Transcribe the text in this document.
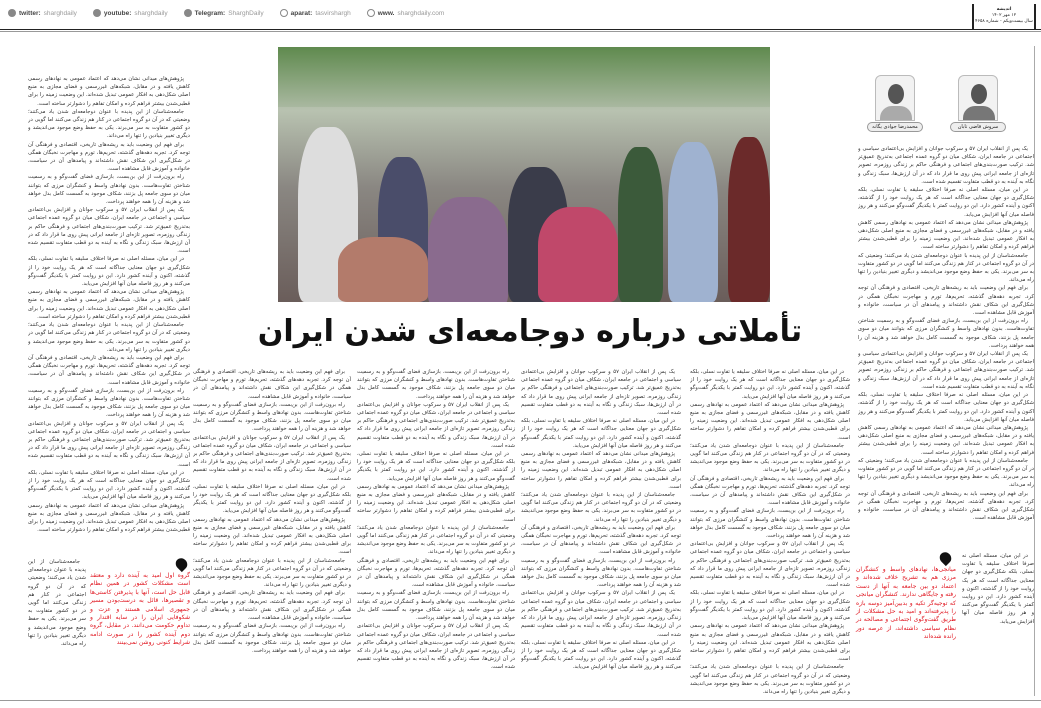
twitter: sharghdaily	youtube: sharghdaily	Telegram: SharghDaily	aparat: tasvirshargh	www. sharghdaily.com	اندیشه
۱۲ مهر ۱۴۰۲
سال بیست‌ویکم - شماره ۴۶۵۸
سروش قاضی تابان
محمدرضا جوادی یگانه
تأملاتی درباره دوجامعه‌ای شدن ایران

یک پس از انقلاب ایران ۵۷ و سرکوب جوانان و افزایش بی‌اعتمادی سیاسی و اجتماعی در جامعه ایران، شکاف میان دو گروه عمده اجتماعی به‌تدریج عمیق‌تر شد. ترکیب صورت‌بندی‌های اجتماعی و فرهنگی حاکم بر زندگی روزمره، تصویر تازه‌ای از جامعه ایرانی پیش روی ما قرار داد که در آن ارزش‌ها، سبک زندگی و نگاه به آینده به دو قطب متفاوت تقسیم شده است.

در این میان، مسئله اصلی نه صرفا اختلاف سلیقه یا تفاوت نسلی، بلکه شکل‌گیری دو جهان معنایی جداگانه است که هر یک روایت خود را از گذشته، اکنون و آینده کشور دارد. این دو روایت کمتر با یکدیگر گفت‌وگو می‌کنند و هر روز فاصله میان آنها افزایش می‌یابد.

پژوهش‌های میدانی نشان می‌دهد که اعتماد عمومی به نهادهای رسمی کاهش یافته و در مقابل، شبکه‌های غیررسمی و فضای مجازی به منبع اصلی شکل‌دهی به افکار عمومی تبدیل شده‌اند. این وضعیت زمینه را برای قطبی‌شدن بیشتر فراهم کرده و امکان تفاهم را دشوارتر ساخته است.

جامعه‌شناسان از این پدیده با عنوان دوجامعه‌ای شدن یاد می‌کنند؛ وضعیتی که در آن دو گروه اجتماعی در کنار هم زندگی می‌کنند اما گویی در دو کشور متفاوت به سر می‌برند. یکی به حفظ وضع موجود می‌اندیشد و دیگری تغییر بنیادین را تنها راه می‌داند.

برای فهم این وضعیت باید به ریشه‌های تاریخی، اقتصادی و فرهنگی آن توجه کرد. تجربه دهه‌های گذشته، تحریم‌ها، تورم و مهاجرت نخبگان همگی در شکل‌گیری این شکاف نقش داشته‌اند و پیامدهای آن در سیاست، خانواده و آموزش قابل مشاهده است.

راه برون‌رفت از این بن‌بست، بازسازی فضای گفت‌وگو و به رسمیت شناختن تفاوت‌هاست. بدون نهادهای واسط و کنشگران مرزی که بتوانند میان دو سوی جامعه پل بزنند، شکاف موجود به گسست کامل بدل خواهد شد و هزینه آن را همه خواهند پرداخت.

یک پس از انقلاب ایران ۵۷ و سرکوب جوانان و افزایش بی‌اعتمادی سیاسی و اجتماعی در جامعه ایران، شکاف میان دو گروه عمده اجتماعی به‌تدریج عمیق‌تر شد. ترکیب صورت‌بندی‌های اجتماعی و فرهنگی حاکم بر زندگی روزمره، تصویر تازه‌ای از جامعه ایرانی پیش روی ما قرار داد که در آن ارزش‌ها، سبک زندگی و نگاه به آینده به دو قطب متفاوت تقسیم شده است.

در این میان، مسئله اصلی نه صرفا اختلاف سلیقه یا تفاوت نسلی، بلکه شکل‌گیری دو جهان معنایی جداگانه است که هر یک روایت خود را از گذشته، اکنون و آینده کشور دارد. این دو روایت کمتر با یکدیگر گفت‌وگو می‌کنند و هر روز فاصله میان آنها افزایش می‌یابد.

پژوهش‌های میدانی نشان می‌دهد که اعتماد عمومی به نهادهای رسمی کاهش یافته و در مقابل، شبکه‌های غیررسمی و فضای مجازی به منبع اصلی شکل‌دهی به افکار عمومی تبدیل شده‌اند. این وضعیت زمینه را برای قطبی‌شدن بیشتر فراهم کرده و امکان تفاهم را دشوارتر ساخته است.

جامعه‌شناسان از این پدیده با عنوان دوجامعه‌ای شدن یاد می‌کنند؛ وضعیتی که در آن دو گروه اجتماعی در کنار هم زندگی می‌کنند اما گویی در دو کشور متفاوت به سر می‌برند. یکی به حفظ وضع موجود می‌اندیشد و دیگری تغییر بنیادین را تنها راه می‌داند.

برای فهم این وضعیت باید به ریشه‌های تاریخی، اقتصادی و فرهنگی آن توجه کرد. تجربه دهه‌های گذشته، تحریم‌ها، تورم و مهاجرت نخبگان همگی در شکل‌گیری این شکاف نقش داشته‌اند و پیامدهای آن در سیاست، خانواده و آموزش قابل مشاهده است.

در این میان، مسئله اصلی نه صرفا اختلاف سلیقه یا تفاوت نسلی، بلکه شکل‌گیری دو جهان معنایی جداگانه است که هر یک روایت خود را از گذشته، اکنون و آینده کشور دارد. این دو روایت کمتر با یکدیگر گفت‌وگو می‌کنند و هر روز فاصله میان آنها افزایش می‌یابد.

پژوهش‌های میدانی نشان می‌دهد که اعتماد عمومی به نهادهای رسمی کاهش یافته و در مقابل، شبکه‌های غیررسمی و فضای مجازی به منبع اصلی شکل‌دهی به افکار عمومی تبدیل شده‌اند. این وضعیت زمینه را برای قطبی‌شدن بیشتر فراهم کرده و امکان تفاهم را دشوارتر ساخته است.

جامعه‌شناسان از این پدیده با عنوان دوجامعه‌ای شدن یاد می‌کنند؛ وضعیتی که در آن دو گروه اجتماعی در کنار هم زندگی می‌کنند اما گویی در دو کشور متفاوت به سر می‌برند. یکی به حفظ وضع موجود می‌اندیشد و دیگری تغییر بنیادین را تنها راه می‌داند.

برای فهم این وضعیت باید به ریشه‌های تاریخی، اقتصادی و فرهنگی آن توجه کرد. تجربه دهه‌های گذشته، تحریم‌ها، تورم و مهاجرت نخبگان همگی در شکل‌گیری این شکاف نقش داشته‌اند و پیامدهای آن در سیاست، خانواده و آموزش قابل مشاهده است.

راه برون‌رفت از این بن‌بست، بازسازی فضای گفت‌وگو و به رسمیت شناختن تفاوت‌هاست. بدون نهادهای واسط و کنشگران مرزی که بتوانند میان دو سوی جامعه پل بزنند، شکاف موجود به گسست کامل بدل خواهد شد و هزینه آن را همه خواهند پرداخت.

یک پس از انقلاب ایران ۵۷ و سرکوب جوانان و افزایش بی‌اعتمادی سیاسی و اجتماعی در جامعه ایران، شکاف میان دو گروه عمده اجتماعی به‌تدریج عمیق‌تر شد. ترکیب صورت‌بندی‌های اجتماعی و فرهنگی حاکم بر زندگی روزمره، تصویر تازه‌ای از جامعه ایرانی پیش روی ما قرار داد که در آن ارزش‌ها، سبک زندگی و نگاه به آینده به دو قطب متفاوت تقسیم شده است.

در این میان، مسئله اصلی نه صرفا اختلاف سلیقه یا تفاوت نسلی، بلکه شکل‌گیری دو جهان معنایی جداگانه است که هر یک روایت خود را از گذشته، اکنون و آینده کشور دارد. این دو روایت کمتر با یکدیگر گفت‌وگو می‌کنند و هر روز فاصله میان آنها افزایش می‌یابد.

پژوهش‌های میدانی نشان می‌دهد که اعتماد عمومی به نهادهای رسمی کاهش یافته و در مقابل، شبکه‌های غیررسمی و فضای مجازی به منبع اصلی شکل‌دهی به افکار عمومی تبدیل شده‌اند. این وضعیت زمینه را برای قطبی‌شدن بیشتر فراهم کرده و امکان تفاهم را دشوارتر ساخته است.

جامعه‌شناسان از این پدیده با عنوان دوجامعه‌ای شدن یاد می‌کنند؛ وضعیتی که در آن دو گروه اجتماعی در کنار هم زندگی می‌کنند اما گویی در دو کشور متفاوت به سر می‌برند. یکی به حفظ وضع موجود می‌اندیشد و دیگری تغییر بنیادین را تنها راه می‌داند.

برای فهم این وضعیت باید به ریشه‌های تاریخی، اقتصادی و فرهنگی آن توجه کرد. تجربه دهه‌های گذشته، تحریم‌ها، تورم و مهاجرت نخبگان همگی در شکل‌گیری این شکاف نقش داشته‌اند و پیامدهای آن در سیاست، خانواده و آموزش قابل مشاهده است.

راه برون‌رفت از این بن‌بست، بازسازی فضای گفت‌وگو و به رسمیت شناختن تفاوت‌هاست. بدون نهادهای واسط و کنشگران مرزی که بتوانند میان دو سوی جامعه پل بزنند، شکاف موجود به گسست کامل بدل خواهد شد و هزینه آن را همه خواهند پرداخت.

یک پس از انقلاب ایران ۵۷ و سرکوب جوانان و افزایش بی‌اعتمادی سیاسی و اجتماعی در جامعه ایران، شکاف میان دو گروه عمده اجتماعی به‌تدریج عمیق‌تر شد. ترکیب صورت‌بندی‌های اجتماعی و فرهنگی حاکم بر زندگی روزمره، تصویر تازه‌ای از جامعه ایرانی پیش روی ما قرار داد که در آن ارزش‌ها، سبک زندگی و نگاه به آینده به دو قطب متفاوت تقسیم شده است.

در این میان، مسئله اصلی نه صرفا اختلاف سلیقه یا تفاوت نسلی، بلکه شکل‌گیری دو جهان معنایی جداگانه است که هر یک روایت خود را از گذشته، اکنون و آینده کشور دارد. این دو روایت کمتر با یکدیگر گفت‌وگو می‌کنند و هر روز فاصله میان آنها افزایش می‌یابد.

پژوهش‌های میدانی نشان می‌دهد که اعتماد عمومی به نهادهای رسمی کاهش یافته و در مقابل، شبکه‌های غیررسمی و فضای مجازی به منبع اصلی شکل‌دهی به افکار عمومی تبدیل شده‌اند. این وضعیت زمینه را برای قطبی‌شدن بیشتر فراهم کرده و امکان تفاهم را دشوارتر ساخته است.

جامعه‌شناسان از این پدیده با عنوان دوجامعه‌ای شدن یاد می‌کنند؛ وضعیتی که در آن دو گروه اجتماعی در کنار هم زندگی می‌کنند اما گویی در دو کشور متفاوت به سر می‌برند. یکی به حفظ وضع موجود می‌اندیشد و دیگری تغییر بنیادین را تنها راه می‌داند.

برای فهم این وضعیت باید به ریشه‌های تاریخی، اقتصادی و فرهنگی آن توجه کرد. تجربه دهه‌های گذشته، تحریم‌ها، تورم و مهاجرت نخبگان همگی در شکل‌گیری این شکاف نقش داشته‌اند و پیامدهای آن در سیاست، خانواده و آموزش قابل مشاهده است.

راه برون‌رفت از این بن‌بست، بازسازی فضای گفت‌وگو و به رسمیت شناختن تفاوت‌هاست. بدون نهادهای واسط و کنشگران مرزی که بتوانند میان دو سوی جامعه پل بزنند، شکاف موجود به گسست کامل بدل خواهد شد و هزینه آن را همه خواهند پرداخت.

یک پس از انقلاب ایران ۵۷ و سرکوب جوانان و افزایش بی‌اعتمادی سیاسی و اجتماعی در جامعه ایران، شکاف میان دو گروه عمده اجتماعی به‌تدریج عمیق‌تر شد. ترکیب صورت‌بندی‌های اجتماعی و فرهنگی حاکم بر زندگی روزمره، تصویر تازه‌ای از جامعه ایرانی پیش روی ما قرار داد که در آن ارزش‌ها، سبک زندگی و نگاه به آینده به دو قطب متفاوت تقسیم شده است.

در این میان، مسئله اصلی نه صرفا اختلاف سلیقه یا تفاوت نسلی، بلکه شکل‌گیری دو جهان معنایی جداگانه است که هر یک روایت خود را از گذشته، اکنون و آینده کشور دارد. این دو روایت کمتر با یکدیگر گفت‌وگو می‌کنند و هر روز فاصله میان آنها افزایش می‌یابد.

پژوهش‌های میدانی نشان می‌دهد که اعتماد عمومی به نهادهای رسمی کاهش یافته و در مقابل، شبکه‌های غیررسمی و فضای مجازی به منبع اصلی شکل‌دهی به افکار عمومی تبدیل شده‌اند. این وضعیت زمینه را برای قطبی‌شدن بیشتر فراهم کرده و امکان تفاهم را دشوارتر ساخته است.

جامعه‌شناسان از این پدیده با عنوان دوجامعه‌ای شدن یاد می‌کنند؛ وضعیتی که در آن دو گروه اجتماعی در کنار هم زندگی می‌کنند اما گویی در دو کشور متفاوت به سر می‌برند. یکی به حفظ وضع موجود می‌اندیشد و دیگری تغییر بنیادین را تنها راه می‌داند.

برای فهم این وضعیت باید به ریشه‌های تاریخی، اقتصادی و فرهنگی آن توجه کرد. تجربه دهه‌های گذشته، تحریم‌ها، تورم و مهاجرت نخبگان همگی در شکل‌گیری این شکاف نقش داشته‌اند و پیامدهای آن در سیاست، خانواده و آموزش قابل مشاهده است.

راه برون‌رفت از این بن‌بست، بازسازی فضای گفت‌وگو و به رسمیت شناختن تفاوت‌هاست. بدون نهادهای واسط و کنشگران مرزی که بتوانند میان دو سوی جامعه پل بزنند، شکاف موجود به گسست کامل بدل خواهد شد و هزینه آن را همه خواهند پرداخت.

راه برون‌رفت از این بن‌بست، بازسازی فضای گفت‌وگو و به رسمیت شناختن تفاوت‌هاست. بدون نهادهای واسط و کنشگران مرزی که بتوانند میان دو سوی جامعه پل بزنند، شکاف موجود به گسست کامل بدل خواهد شد و هزینه آن را همه خواهند پرداخت.

یک پس از انقلاب ایران ۵۷ و سرکوب جوانان و افزایش بی‌اعتمادی سیاسی و اجتماعی در جامعه ایران، شکاف میان دو گروه عمده اجتماعی به‌تدریج عمیق‌تر شد. ترکیب صورت‌بندی‌های اجتماعی و فرهنگی حاکم بر زندگی روزمره، تصویر تازه‌ای از جامعه ایرانی پیش روی ما قرار داد که در آن ارزش‌ها، سبک زندگی و نگاه به آینده به دو قطب متفاوت تقسیم شده است.

در این میان، مسئله اصلی نه صرفا اختلاف سلیقه یا تفاوت نسلی، بلکه شکل‌گیری دو جهان معنایی جداگانه است که هر یک روایت خود را از گذشته، اکنون و آینده کشور دارد. این دو روایت کمتر با یکدیگر گفت‌وگو می‌کنند و هر روز فاصله میان آنها افزایش می‌یابد.

پژوهش‌های میدانی نشان می‌دهد که اعتماد عمومی به نهادهای رسمی کاهش یافته و در مقابل، شبکه‌های غیررسمی و فضای مجازی به منبع اصلی شکل‌دهی به افکار عمومی تبدیل شده‌اند. این وضعیت زمینه را برای قطبی‌شدن بیشتر فراهم کرده و امکان تفاهم را دشوارتر ساخته است.

جامعه‌شناسان از این پدیده با عنوان دوجامعه‌ای شدن یاد می‌کنند؛ وضعیتی که در آن دو گروه اجتماعی در کنار هم زندگی می‌کنند اما گویی در دو کشور متفاوت به سر می‌برند. یکی به حفظ وضع موجود می‌اندیشد و دیگری تغییر بنیادین را تنها راه می‌داند.

برای فهم این وضعیت باید به ریشه‌های تاریخی، اقتصادی و فرهنگی آن توجه کرد. تجربه دهه‌های گذشته، تحریم‌ها، تورم و مهاجرت نخبگان همگی در شکل‌گیری این شکاف نقش داشته‌اند و پیامدهای آن در سیاست، خانواده و آموزش قابل مشاهده است.

راه برون‌رفت از این بن‌بست، بازسازی فضای گفت‌وگو و به رسمیت شناختن تفاوت‌هاست. بدون نهادهای واسط و کنشگران مرزی که بتوانند میان دو سوی جامعه پل بزنند، شکاف موجود به گسست کامل بدل خواهد شد و هزینه آن را همه خواهند پرداخت.

یک پس از انقلاب ایران ۵۷ و سرکوب جوانان و افزایش بی‌اعتمادی سیاسی و اجتماعی در جامعه ایران، شکاف میان دو گروه عمده اجتماعی به‌تدریج عمیق‌تر شد. ترکیب صورت‌بندی‌های اجتماعی و فرهنگی حاکم بر زندگی روزمره، تصویر تازه‌ای از جامعه ایرانی پیش روی ما قرار داد که در آن ارزش‌ها، سبک زندگی و نگاه به آینده به دو قطب متفاوت تقسیم شده است.

یک پس از انقلاب ایران ۵۷ و سرکوب جوانان و افزایش بی‌اعتمادی سیاسی و اجتماعی در جامعه ایران، شکاف میان دو گروه عمده اجتماعی به‌تدریج عمیق‌تر شد. ترکیب صورت‌بندی‌های اجتماعی و فرهنگی حاکم بر زندگی روزمره، تصویر تازه‌ای از جامعه ایرانی پیش روی ما قرار داد که در آن ارزش‌ها، سبک زندگی و نگاه به آینده به دو قطب متفاوت تقسیم شده است.

در این میان، مسئله اصلی نه صرفا اختلاف سلیقه یا تفاوت نسلی، بلکه شکل‌گیری دو جهان معنایی جداگانه است که هر یک روایت خود را از گذشته، اکنون و آینده کشور دارد. این دو روایت کمتر با یکدیگر گفت‌وگو می‌کنند و هر روز فاصله میان آنها افزایش می‌یابد.

پژوهش‌های میدانی نشان می‌دهد که اعتماد عمومی به نهادهای رسمی کاهش یافته و در مقابل، شبکه‌های غیررسمی و فضای مجازی به منبع اصلی شکل‌دهی به افکار عمومی تبدیل شده‌اند. این وضعیت زمینه را برای قطبی‌شدن بیشتر فراهم کرده و امکان تفاهم را دشوارتر ساخته است.

جامعه‌شناسان از این پدیده با عنوان دوجامعه‌ای شدن یاد می‌کنند؛ وضعیتی که در آن دو گروه اجتماعی در کنار هم زندگی می‌کنند اما گویی در دو کشور متفاوت به سر می‌برند. یکی به حفظ وضع موجود می‌اندیشد و دیگری تغییر بنیادین را تنها راه می‌داند.

برای فهم این وضعیت باید به ریشه‌های تاریخی، اقتصادی و فرهنگی آن توجه کرد. تجربه دهه‌های گذشته، تحریم‌ها، تورم و مهاجرت نخبگان همگی در شکل‌گیری این شکاف نقش داشته‌اند و پیامدهای آن در سیاست، خانواده و آموزش قابل مشاهده است.

راه برون‌رفت از این بن‌بست، بازسازی فضای گفت‌وگو و به رسمیت شناختن تفاوت‌هاست. بدون نهادهای واسط و کنشگران مرزی که بتوانند میان دو سوی جامعه پل بزنند، شکاف موجود به گسست کامل بدل خواهد شد و هزینه آن را همه خواهند پرداخت.

یک پس از انقلاب ایران ۵۷ و سرکوب جوانان و افزایش بی‌اعتمادی سیاسی و اجتماعی در جامعه ایران، شکاف میان دو گروه عمده اجتماعی به‌تدریج عمیق‌تر شد. ترکیب صورت‌بندی‌های اجتماعی و فرهنگی حاکم بر زندگی روزمره، تصویر تازه‌ای از جامعه ایرانی پیش روی ما قرار داد که در آن ارزش‌ها، سبک زندگی و نگاه به آینده به دو قطب متفاوت تقسیم شده است.

در این میان، مسئله اصلی نه صرفا اختلاف سلیقه یا تفاوت نسلی، بلکه شکل‌گیری دو جهان معنایی جداگانه است که هر یک روایت خود را از گذشته، اکنون و آینده کشور دارد. این دو روایت کمتر با یکدیگر گفت‌وگو می‌کنند و هر روز فاصله میان آنها افزایش می‌یابد.

در این میان، مسئله اصلی نه صرفا اختلاف سلیقه یا تفاوت نسلی، بلکه شکل‌گیری دو جهان معنایی جداگانه است که هر یک روایت خود را از گذشته، اکنون و آینده کشور دارد. این دو روایت کمتر با یکدیگر گفت‌وگو می‌کنند و هر روز فاصله میان آنها افزایش می‌یابد.

پژوهش‌های میدانی نشان می‌دهد که اعتماد عمومی به نهادهای رسمی کاهش یافته و در مقابل، شبکه‌های غیررسمی و فضای مجازی به منبع اصلی شکل‌دهی به افکار عمومی تبدیل شده‌اند. این وضعیت زمینه را برای قطبی‌شدن بیشتر فراهم کرده و امکان تفاهم را دشوارتر ساخته است.

جامعه‌شناسان از این پدیده با عنوان دوجامعه‌ای شدن یاد می‌کنند؛ وضعیتی که در آن دو گروه اجتماعی در کنار هم زندگی می‌کنند اما گویی در دو کشور متفاوت به سر می‌برند. یکی به حفظ وضع موجود می‌اندیشد و دیگری تغییر بنیادین را تنها راه می‌داند.

برای فهم این وضعیت باید به ریشه‌های تاریخی، اقتصادی و فرهنگی آن توجه کرد. تجربه دهه‌های گذشته، تحریم‌ها، تورم و مهاجرت نخبگان همگی در شکل‌گیری این شکاف نقش داشته‌اند و پیامدهای آن در سیاست، خانواده و آموزش قابل مشاهده است.

راه برون‌رفت از این بن‌بست، بازسازی فضای گفت‌وگو و به رسمیت شناختن تفاوت‌هاست. بدون نهادهای واسط و کنشگران مرزی که بتوانند میان دو سوی جامعه پل بزنند، شکاف موجود به گسست کامل بدل خواهد شد و هزینه آن را همه خواهند پرداخت.

یک پس از انقلاب ایران ۵۷ و سرکوب جوانان و افزایش بی‌اعتمادی سیاسی و اجتماعی در جامعه ایران، شکاف میان دو گروه عمده اجتماعی به‌تدریج عمیق‌تر شد. ترکیب صورت‌بندی‌های اجتماعی و فرهنگی حاکم بر زندگی روزمره، تصویر تازه‌ای از جامعه ایرانی پیش روی ما قرار داد که در آن ارزش‌ها، سبک زندگی و نگاه به آینده به دو قطب متفاوت تقسیم شده است.

در این میان، مسئله اصلی نه صرفا اختلاف سلیقه یا تفاوت نسلی، بلکه شکل‌گیری دو جهان معنایی جداگانه است که هر یک روایت خود را از گذشته، اکنون و آینده کشور دارد. این دو روایت کمتر با یکدیگر گفت‌وگو می‌کنند و هر روز فاصله میان آنها افزایش می‌یابد.

پژوهش‌های میدانی نشان می‌دهد که اعتماد عمومی به نهادهای رسمی کاهش یافته و در مقابل، شبکه‌های غیررسمی و فضای مجازی به منبع اصلی شکل‌دهی به افکار عمومی تبدیل شده‌اند. این وضعیت زمینه را برای قطبی‌شدن بیشتر فراهم کرده و امکان تفاهم را دشوارتر ساخته است.

جامعه‌شناسان از این پدیده با عنوان دوجامعه‌ای شدن یاد می‌کنند؛ وضعیتی که در آن دو گروه اجتماعی در کنار هم زندگی می‌کنند اما گویی در دو کشور متفاوت به سر می‌برند. یکی به حفظ وضع موجود می‌اندیشد و دیگری تغییر بنیادین را تنها راه می‌داند.

میانجی‌ها، نهادهای واسط و کنشگران مرزی هم به تشریح خلاف شده‌اند و اعتماد دو بین جامعه به آنها از دست رفته و جایگاهی ندارند. کنشگران میانجی که توجیه‌گر تکیه و بدبین‌آمیز دوسه‌ بازه را پذیرفته‌اند و امید به حل مشکلات از طریق گفت‌وگوی اجتماعی و مصالحه در نظام سیاسی داشته‌اند، از عرصه دور رانده شده‌اند
گروه اول امید به آینده دارد و معتقد است مشکلات کشور در همین نظام قابل حل است، آنها با پذیرفتن کاستی‌ها و تقصیرها، قائل به درست‌بودن مسیر جمهوری اسلامی هستند و عزت و شکوفایی ایران را در سایه اقتدار و تداوم حکومت می‌دانند. در مقابل، گروه دوم آینده کشور را در صورت ادامه شرایط کنونی روشن نمی‌بینند
